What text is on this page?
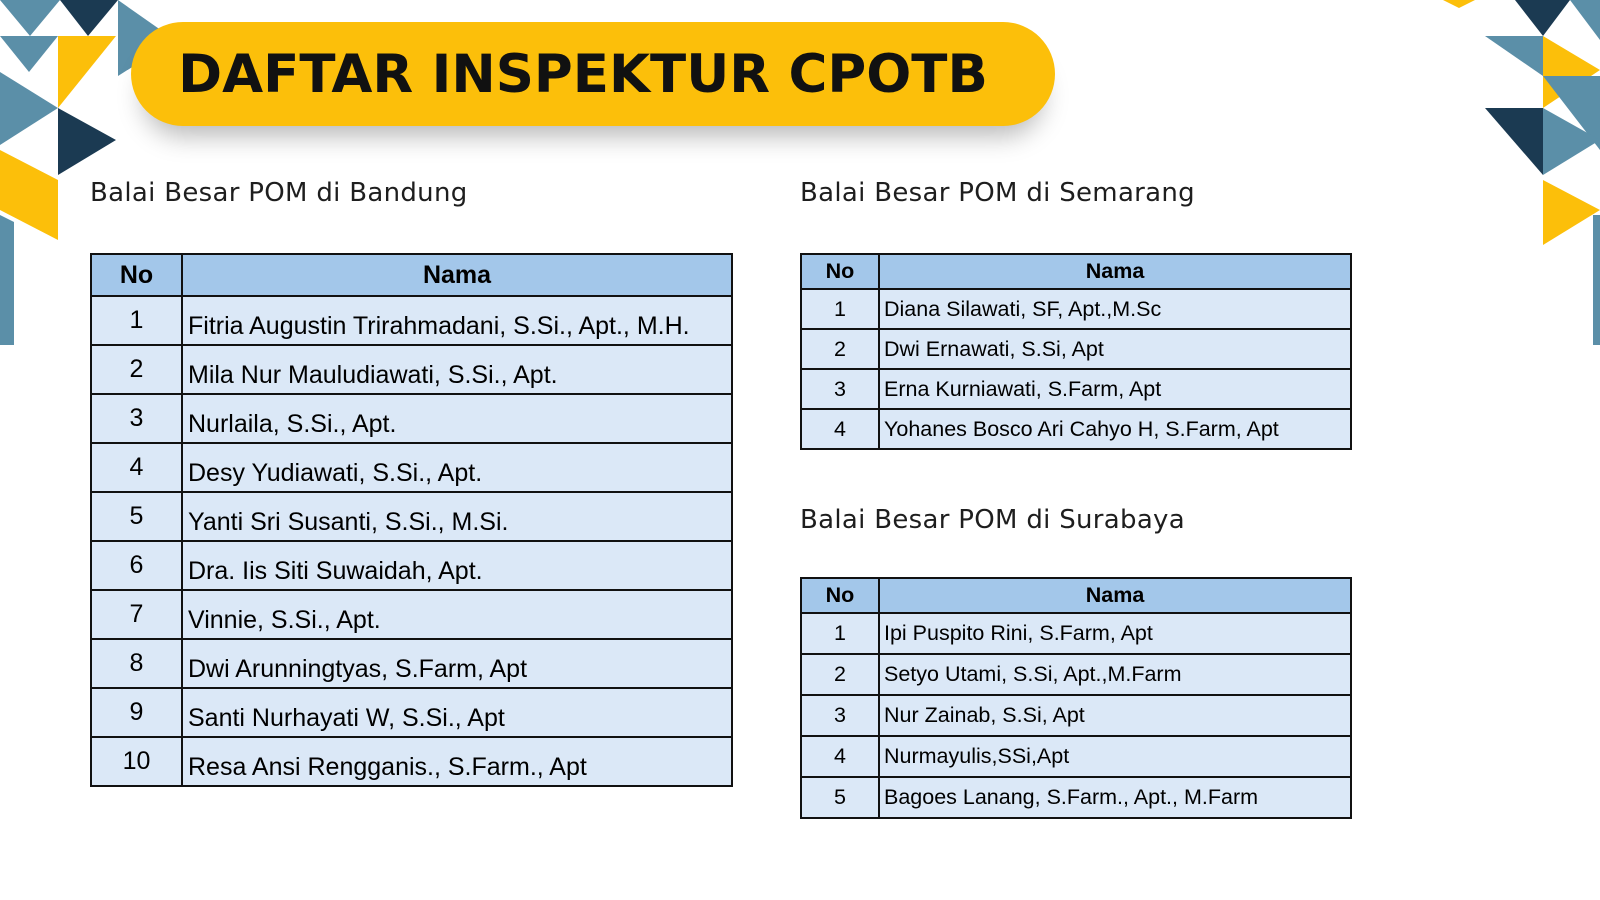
DAFTAR INSPEKTUR CPOTB
Balai Besar POM di Bandung
No	Nama
1	Fitria Augustin Trirahmadani, S.Si., Apt., M.H.
2	Mila Nur Mauludiawati, S.Si., Apt.
3	Nurlaila, S.Si., Apt.
4	Desy Yudiawati, S.Si., Apt.
5	Yanti Sri Susanti, S.Si., M.Si.
6	Dra. Iis Siti Suwaidah, Apt.
7	Vinnie, S.Si., Apt.
8	Dwi Arunningtyas, S.Farm, Apt
9	Santi Nurhayati W, S.Si., Apt
10	Resa Ansi Rengganis., S.Farm., Apt
Balai Besar POM di Semarang
No	Nama
1	Diana Silawati, SF, Apt.,M.Sc
2	Dwi Ernawati, S.Si, Apt
3	Erna Kurniawati, S.Farm, Apt
4	Yohanes Bosco Ari Cahyo H, S.Farm, Apt
Balai Besar POM di Surabaya
No	Nama
1	Ipi Puspito Rini, S.Farm, Apt
2	Setyo Utami, S.Si, Apt.,M.Farm
3	Nur Zainab, S.Si, Apt
4	Nurmayulis,SSi,Apt
5	Bagoes Lanang, S.Farm., Apt., M.Farm
